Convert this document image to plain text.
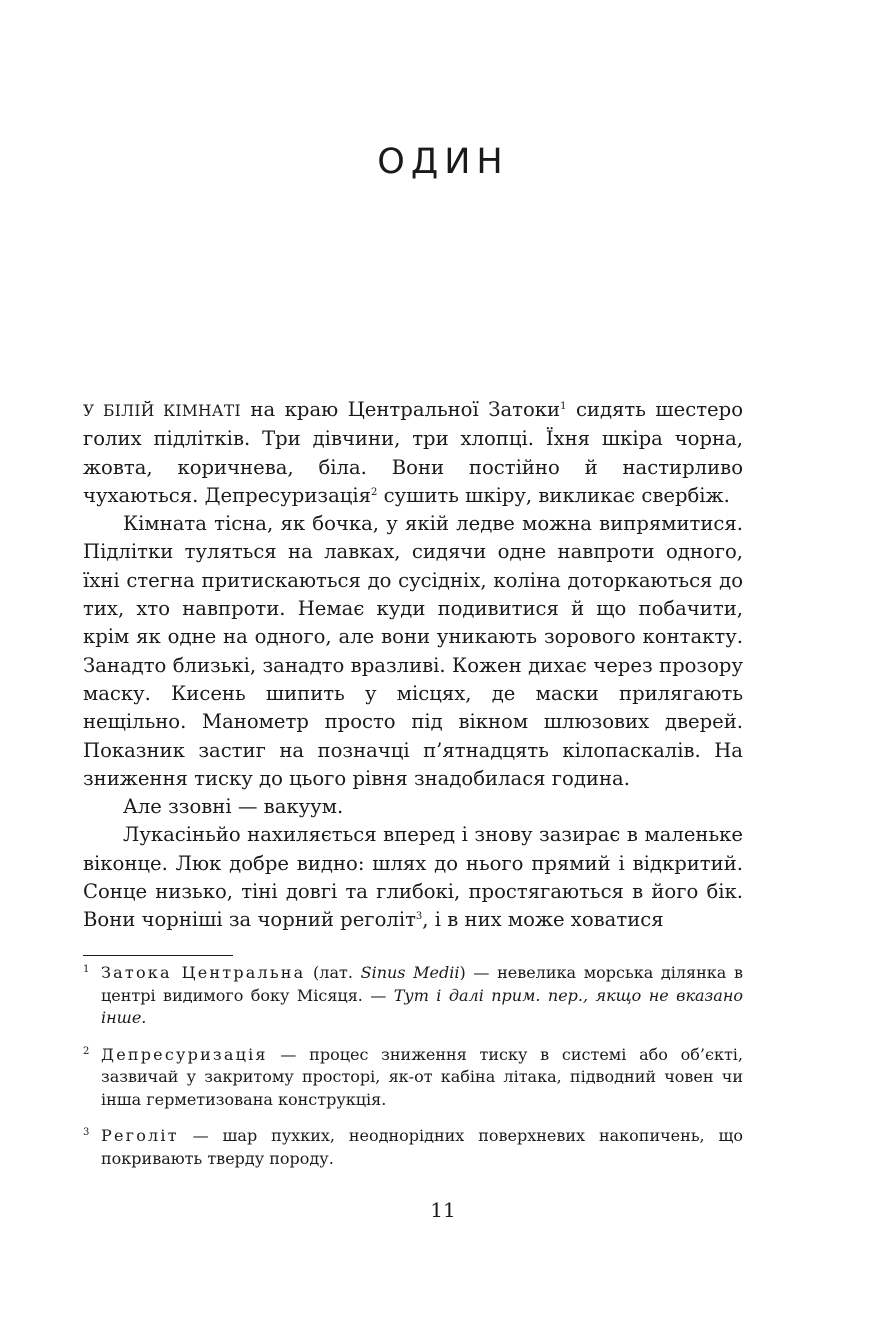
ОДИН

У БІЛІЙ КІМНАТІ на краю Центральної Затоки$^1$ сидять шестеро голих підлітків. Три дівчини, три хлопці. Їхня шкіра чорна, жовта, коричнева, біла. Вони постійно й настирливо чухаються. Депресуризація$^2$ сушить шкіру, викликає свербіж.

Кімната тісна, як бочка, у якій ледве можна випрямитися. Підлітки туляться на лавках, сидячи одне навпроти одного, їхні стегна притискаються до сусідніх, коліна доторкаються до тих, хто навпроти. Немає куди подивитися й що побачити, крім як одне на одного, але вони уникають зорового контакту. Занадто близькі, занадто вразливі. Кожен дихає через прозору маску. Кисень шипить у місцях, де маски прилягають нещільно. Манометр просто під вікном шлюзових дверей. Показник застиг на позначці п’ятнадцять кілопаскалів. На зниження тиску до цього рівня знадобилася година.

Але ззовні — вакуум.

Лукасіньйо нахиляється вперед і знову зазирає в маленьке віконце. Люк добре видно: шлях до нього прямий і відкритий. Сонце низько, тіні довгі та глибокі, простягаються в його бік. Вони чорніші за чорний реголіт$^3$, і в них може ховатися

1 Затока Центральна (лат. Sinus Medii) — невелика морська ділянка в центрі видимого боку Місяця. — Тут і далі прим. пер., якщо не вказано інше.
2 Депресуризація — процес зниження тиску в системі або об’єкті, зазвичай у закритому просторі, як-от кабіна літака, підводний човен чи інша герметизована конструкція.
3 Реголіт — шар пухких, неоднорідних поверхневих накопичень, що покривають тверду породу.
11
